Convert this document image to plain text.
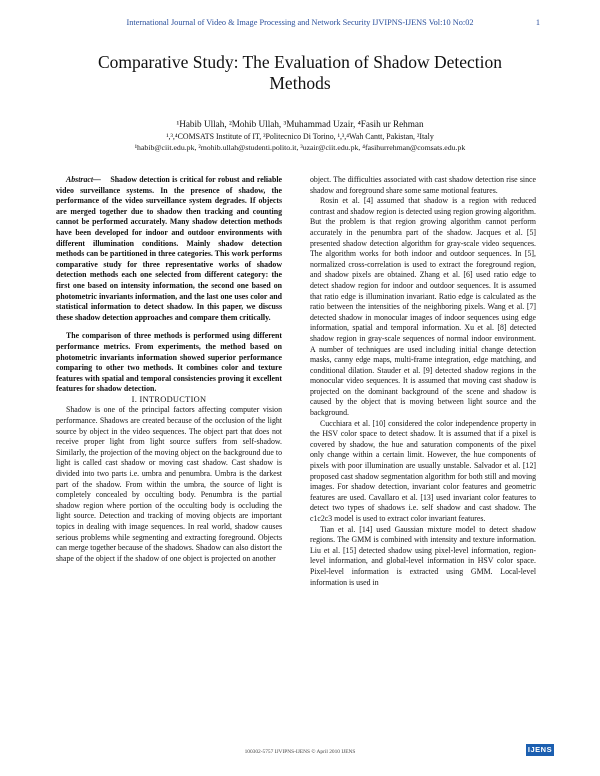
International Journal of Video & Image Processing and Network Security IJVIPNS-IJENS Vol:10 No:02	1
Comparative Study: The Evaluation of Shadow Detection
Methods
¹Habib Ullah, ²Mohib Ullah, ³Muhammad Uzair, ⁴Fasih ur Rehman
¹,³,⁴COMSATS Institute of IT, ²Politecnico Di Torino, ¹,³,⁴Wah Cantt, Pakistan, ²Italy
¹habib@ciit.edu.pk, ²mohib.ullah@studenti.polito.it, ³uzair@ciit.edu.pk, ⁴fasihurrehman@comsats.edu.pk

Abstract— Shadow detection is critical for robust and reliable video surveillance systems. In the presence of shadow, the performance of the video surveillance system degrades. If objects are merged together due to shadow then tracking and counting cannot be performed accurately. Many shadow detection methods have been developed for indoor and outdoor environments with different illumination conditions. Mainly shadow detection methods can be partitioned in three categories. This work performs comparative study for three representative works of shadow detection methods each one selected from different category: the first one based on intensity information, the second one based on photometric invariants information, and the last one uses color and statistical information to detect shadow. In this paper, we discuss these shadow detection approaches and compare them critically.

The comparison of three methods is performed using different performance metrics. From experiments, the method based on photometric invariants information showed superior performance comparing to other two methods. It combines color and texture features with spatial and temporal consistencies proving it excellent features for shadow detection.

I. INTRODUCTION

Shadow is one of the principal factors affecting computer vision performance. Shadows are created because of the occlusion of the light source by object in the video sequences. The object part that does not receive proper light from light source suffers from self-shadow. Similarly, the projection of the moving object on the background due to light is called cast shadow or moving cast shadow. Cast shadow is divided into two parts i.e. umbra and penumbra. Umbra is the darkest part of the shadow. From within the umbra, the source of light is completely concealed by occulting body. Penumbra is the partial shadow region where portion of the occulting body is occluding the light source. Detection and tracking of moving objects are important topics in dealing with image sequences. In real world, shadow causes serious problems while segmenting and extracting foreground. Objects can merge together because of the shadows. Shadow can also distort the shape of the object if the shadow of one object is projected on another

object. The difficulties associated with cast shadow detection rise since shadow and foreground share some same motional features.

Rosin et al. [4] assumed that shadow is a region with reduced contrast and shadow region is detected using region growing algorithm. But the problem is that region growing algorithm cannot perform accurately in the penumbra part of the shadow. Jacques et al. [5] presented shadow detection algorithm for gray-scale video sequences. The algorithm works for both indoor and outdoor sequences. In [5], normalized cross-correlation is used to extract the foreground region, and shadow pixels are obtained. Zhang et al. [6] used ratio edge to detect shadow region for indoor and outdoor sequences. It is assumed that ratio edge is illumination invariant. Ratio edge is calculated as the ratio between the intensities of the neighboring pixels. Wang et al. [7] detected shadow in monocular images of indoor sequences using edge information, spatial and temporal information. Xu et al. [8] detected shadow region in gray-scale sequences of normal indoor environment. A number of techniques are used including initial change detection masks, canny edge maps, multi-frame integration, edge matching, and conditional dilation. Stauder et al. [9] detected shadow regions in the monocular video sequences. It is assumed that moving cast shadow is projected on the dominant background of the scene and shadow is caused by the object that is moving between light source and the background.

Cucchiara et al. [10] considered the color independence property in the HSV color space to detect shadow. It is assumed that if a pixel is covered by shadow, the hue and saturation components of the pixel only change within a certain limit. However, the hue components of pixels with poor illumination are usually unstable. Salvador et al. [12] proposed cast shadow segmentation algorithm for both still and moving images. For shadow detection, invariant color features and geometric features are used. Cavallaro et al. [13] used invariant color features to detect two types of shadows i.e. self shadow and cast shadow. The c1c2c3 model is used to extract color invariant features.

Tian et al. [14] used Gaussian mixture model to detect shadow regions. The GMM is combined with intensity and texture information. Liu et al. [15] detected shadow using pixel-level information, region-level information, and global-level information in HSV color space. Pixel-level information is extracted using GMM. Local-level information is used in

100302-5757 IJVIPNS-IJENS © April 2010 IJENS	IJENS
